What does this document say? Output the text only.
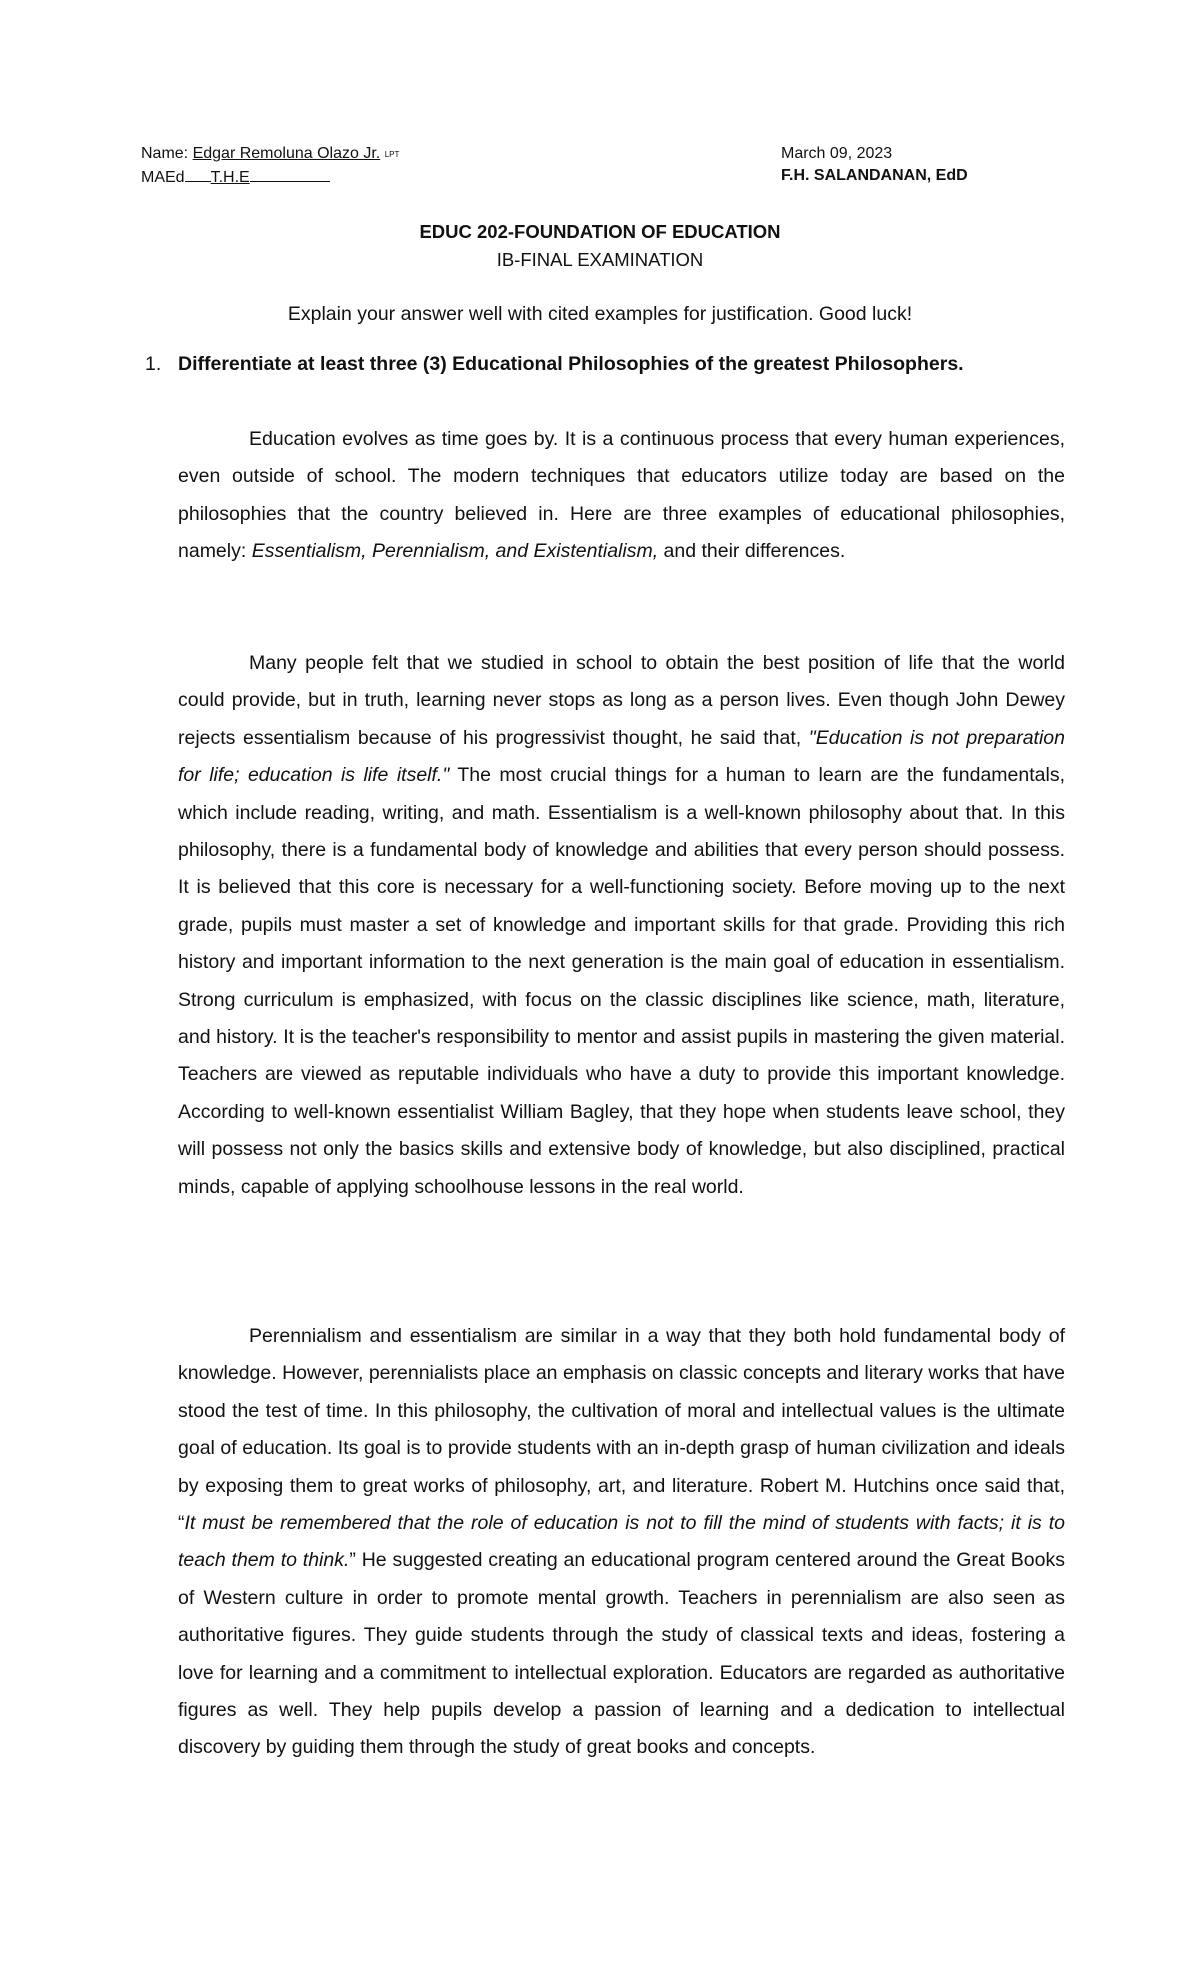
Name: Edgar Remoluna Olazo Jr. LPT
MAEd T.H.E
March 09, 2023
F.H. SALANDANAN, EdD
EDUC 202-FOUNDATION OF EDUCATION
IB-FINAL EXAMINATION
Explain your answer well with cited examples for justification. Good luck!
1. Differentiate at least three (3) Educational Philosophies of the greatest Philosophers.

Education evolves as time goes by. It is a continuous process that every human experiences, even outside of school. The modern techniques that educators utilize today are based on the philosophies that the country believed in. Here are three examples of educational philosophies, namely: Essentialism, Perennialism, and Existentialism, and their differences.

Many people felt that we studied in school to obtain the best position of life that the world could provide, but in truth, learning never stops as long as a person lives. Even though John Dewey rejects essentialism because of his progressivist thought, he said that, "Education is not preparation for life; education is life itself." The most crucial things for a human to learn are the fundamentals, which include reading, writing, and math. Essentialism is a well-known philosophy about that. In this philosophy, there is a fundamental body of knowledge and abilities that every person should possess. It is believed that this core is necessary for a well-functioning society. Before moving up to the next grade, pupils must master a set of knowledge and important skills for that grade. Providing this rich history and important information to the next generation is the main goal of education in essentialism. Strong curriculum is emphasized, with focus on the classic disciplines like science, math, literature, and history. It is the teacher's responsibility to mentor and assist pupils in mastering the given material. Teachers are viewed as reputable individuals who have a duty to provide this important knowledge. According to well-known essentialist William Bagley, that they hope when students leave school, they will possess not only the basics skills and extensive body of knowledge, but also disciplined, practical minds, capable of applying schoolhouse lessons in the real world.

Perennialism and essentialism are similar in a way that they both hold fundamental body of knowledge. However, perennialists place an emphasis on classic concepts and literary works that have stood the test of time. In this philosophy, the cultivation of moral and intellectual values is the ultimate goal of education. Its goal is to provide students with an in-depth grasp of human civilization and ideals by exposing them to great works of philosophy, art, and literature. Robert M. Hutchins once said that, “It must be remembered that the role of education is not to fill the mind of students with facts; it is to teach them to think.” He suggested creating an educational program centered around the Great Books of Western culture in order to promote mental growth. Teachers in perennialism are also seen as authoritative figures. They guide students through the study of classical texts and ideas, fostering a love for learning and a commitment to intellectual exploration. Educators are regarded as authoritative figures as well. They help pupils develop a passion of learning and a dedication to intellectual discovery by guiding them through the study of great books and concepts.
